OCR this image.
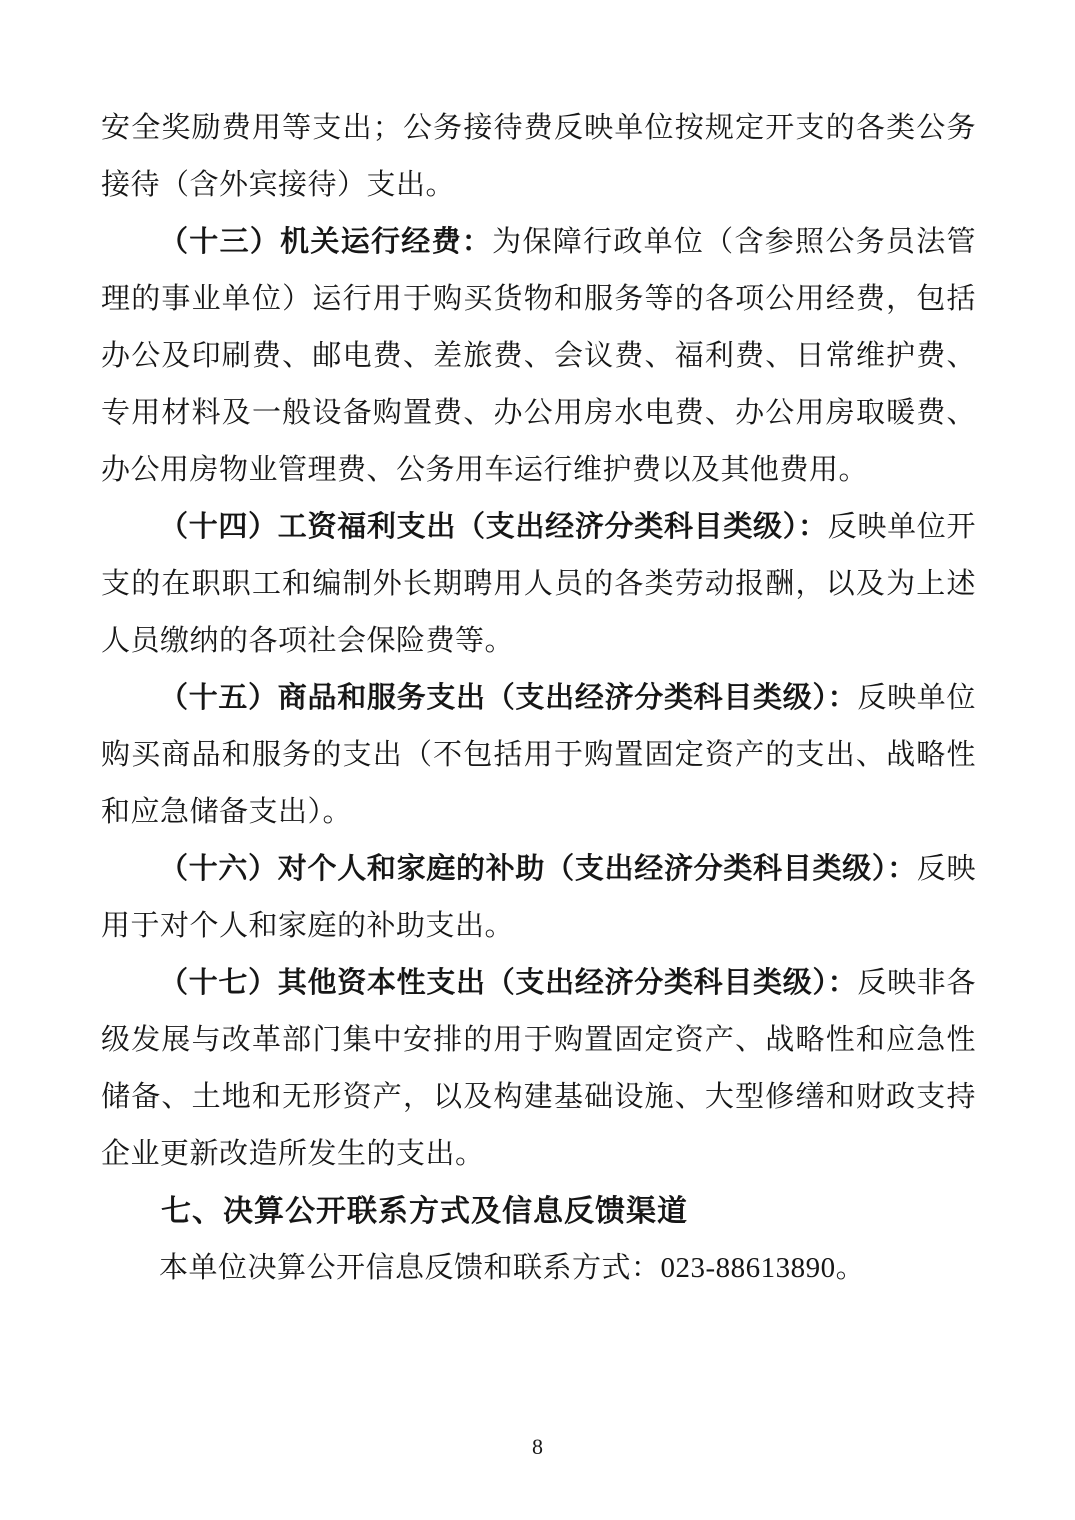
安全奖励费用等支出；公务接待费反映单位按规定开支的各类公务接待（含外宾接待）支出。

（十三）机关运行经费：为保障行政单位（含参照公务员法管理的事业单位）运行用于购买货物和服务等的各项公用经费，包括办公及印刷费、邮电费、差旅费、会议费、福利费、日常维护费、专用材料及一般设备购置费、办公用房水电费、办公用房取暖费、办公用房物业管理费、公务用车运行维护费以及其他费用。

（十四）工资福利支出（支出经济分类科目类级）：反映单位开支的在职职工和编制外长期聘用人员的各类劳动报酬，以及为上述人员缴纳的各项社会保险费等。

（十五）商品和服务支出（支出经济分类科目类级）：反映单位购买商品和服务的支出（不包括用于购置固定资产的支出、战略性和应急储备支出）。

（十六）对个人和家庭的补助（支出经济分类科目类级）：反映用于对个人和家庭的补助支出。

（十七）其他资本性支出（支出经济分类科目类级）：反映非各级发展与改革部门集中安排的用于购置固定资产、战略性和应急性储备、土地和无形资产，以及构建基础设施、大型修缮和财政支持企业更新改造所发生的支出。

七、决算公开联系方式及信息反馈渠道

本单位决算公开信息反馈和联系方式：023-88613890。

8
